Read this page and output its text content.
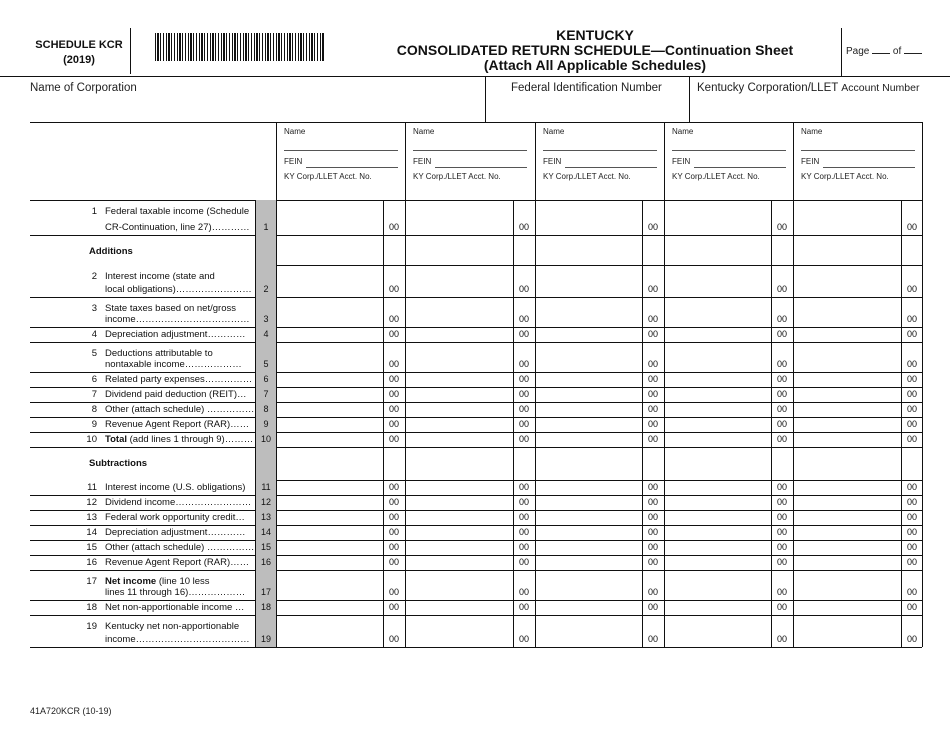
SCHEDULE KCR
(2019)
KENTUCKY
CONSOLIDATED RETURN SCHEDULE—Continuation Sheet
(Attach All Applicable Schedules)
Page of
Name of Corporation	Federal Identification Number	Kentucky Corporation/LLET Account Number
Name
FEIN
KY Corp./LLET Acct. No.
Name
FEIN
KY Corp./LLET Acct. No.
Name
FEIN
KY Corp./LLET Acct. No.
Name
FEIN
KY Corp./LLET Acct. No.
Name
FEIN
KY Corp./LLET Acct. No.
1
1 Federal taxable income (Schedule
CR-Continuation, line 27)…………	00	00	00	00	00
Additions
2
2 Interest income (state and
local obligations)……………………	00	00	00	00	00
3
3 State taxes based on net/gross
income………………………………	00	00	00	00	00
4
4 Depreciation adjustment…………	00	00	00	00	00
5
5 Deductions attributable to
nontaxable income………………	00	00	00	00	00
6
6 Related party expenses……………	00	00	00	00	00
7
7 Dividend paid deduction (REIT)…	00	00	00	00	00
8
8 Other (attach schedule) ……………	00	00	00	00	00
9
9 Revenue Agent Report (RAR)……	00	00	00	00	00
10
10 Total (add lines 1 through 9)………	00	00	00	00	00
Subtractions
11
11 Interest income (U.S. obligations)	00	00	00	00	00
12
12 Dividend income……………………	00	00	00	00	00
13
13 Federal work opportunity credit…	00	00	00	00	00
14
14 Depreciation adjustment…………	00	00	00	00	00
15
15 Other (attach schedule) ……………	00	00	00	00	00
16
16 Revenue Agent Report (RAR)……	00	00	00	00	00
17
17 Net income (line 10 less
lines 11 through 16)………………	00	00	00	00	00
18
18 Net non-apportionable income …	00	00	00	00	00
19
19 Kentucky net non-apportionable
income………………………………	00	00	00	00	00
41A720KCR (10-19)
